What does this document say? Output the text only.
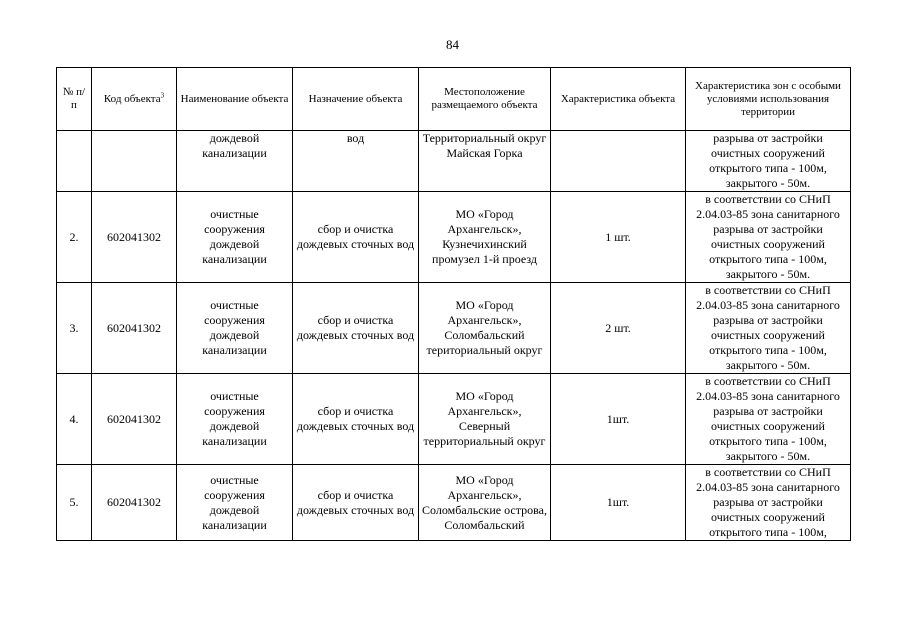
84
№ п/п	Код объекта$^3$	Наименование объекта	Назначение объекта	Местоположение размещаемого объекта	Характеристика объекта	Характеристика зон с особыми условиями использования территории
		дождевой канализации	вод	Территориальный округ Майская Горка		разрыва от застройки очистных сооружений открытого типа - 100м, закрытого - 50м.
2.	602041302	очистные сооружения дождевой канализации	сбор и очистка дождевых сточных вод	МО «Город Архангельск», Кузнечихинский промузел 1-й проезд	1 шт.	в соответствии со СНиП 2.04.03-85 зона санитарного разрыва от застройки очистных сооружений открытого типа - 100м, закрытого - 50м.
3.	602041302	очистные сооружения дождевой канализации	сбор и очистка дождевых сточных вод	МО «Город Архангельск», Соломбальский териториальный округ	2 шт.	в соответствии со СНиП 2.04.03-85 зона санитарного разрыва от застройки очистных сооружений открытого типа - 100м, закрытого - 50м.
4.	602041302	очистные сооружения дождевой канализации	сбор и очистка дождевых сточных вод	МО «Город Архангельск», Северный территориальный округ	1шт.	в соответствии со СНиП 2.04.03-85 зона санитарного разрыва от застройки очистных сооружений открытого типа - 100м, закрытого - 50м.
5.	602041302	очистные сооружения дождевой канализации	сбор и очистка дождевых сточных вод	МО «Город Архангельск», Соломбальские острова, Соломбальский	1шт.	в соответствии со СНиП 2.04.03-85 зона санитарного разрыва от застройки очистных сооружений открытого типа - 100м,
